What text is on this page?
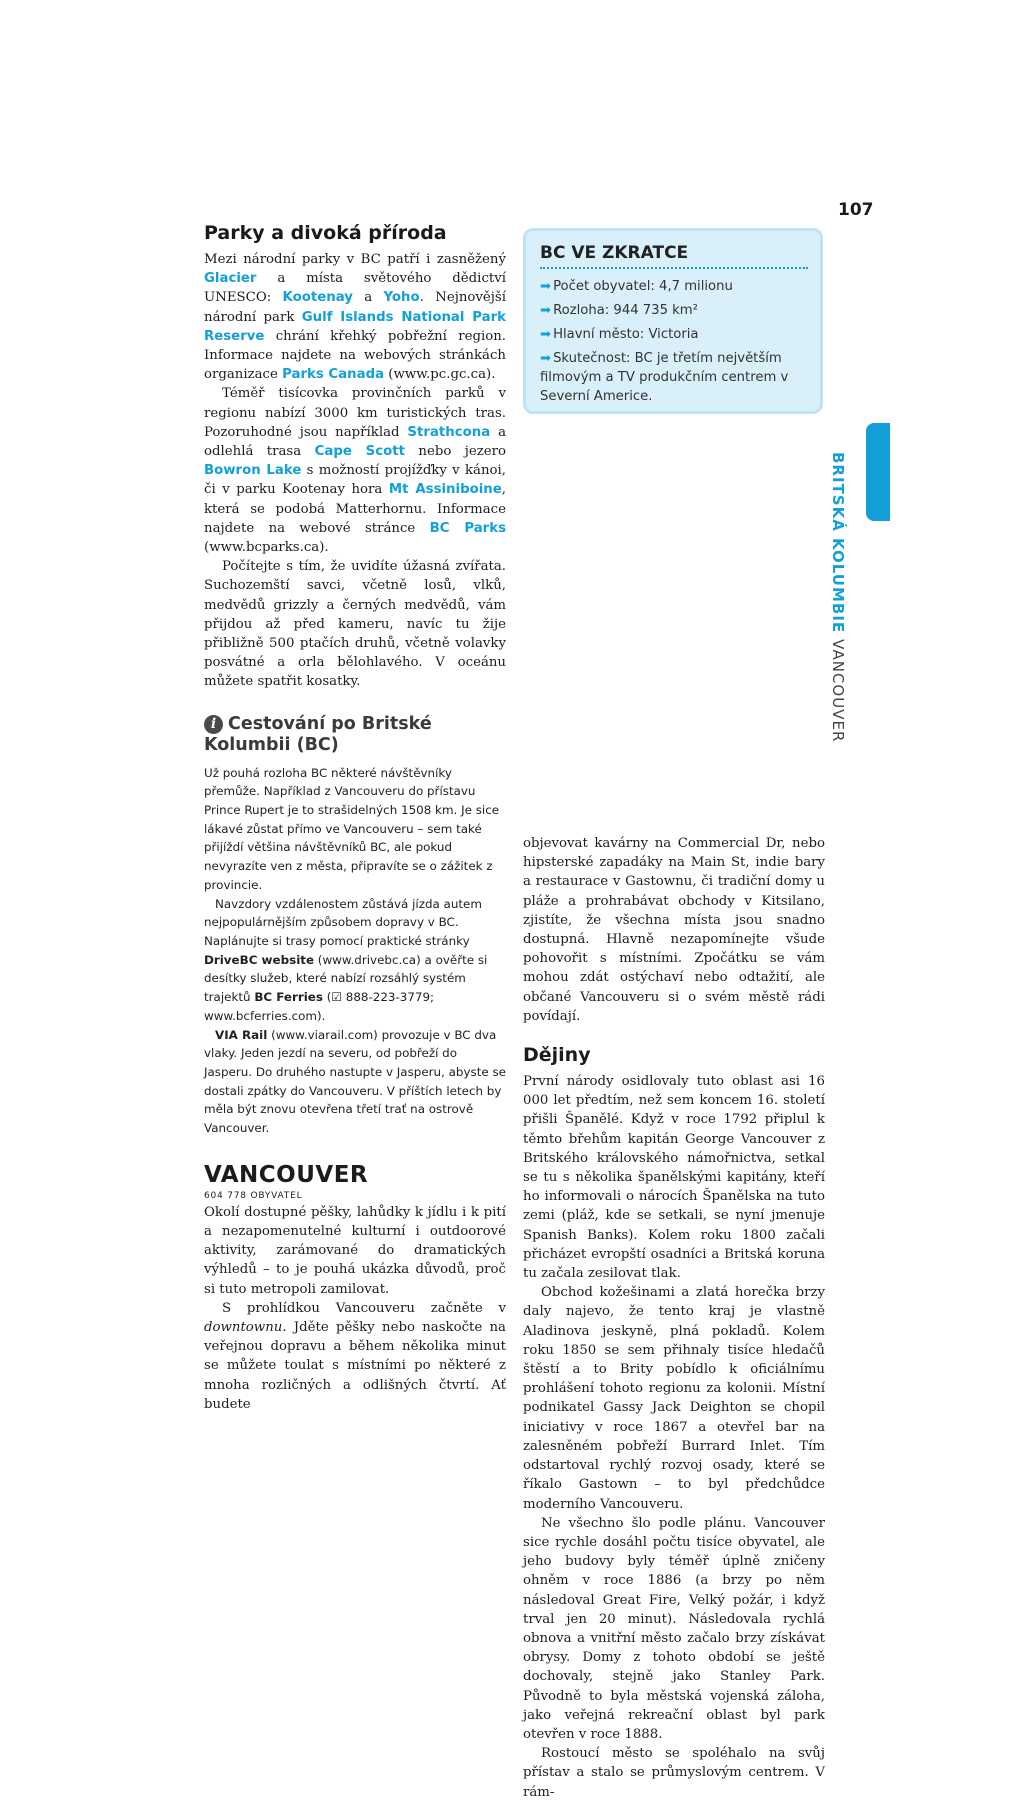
107
Parky a divoká příroda

Mezi národní parky v BC patří i zasněžený Glacier a místa světového dědictví UNESCO: Kootenay a Yoho. Nejnovější národní park Gulf Islands National Park Reserve chrání křehký pobřežní region. Informace najdete na webových stránkách organizace Parks Canada (www.pc.gc.ca).

Téměř tisícovka provinčních parků v regionu nabízí 3000 km turistických tras. Pozoruhodné jsou například Strathcona a odlehlá trasa Cape Scott nebo jezero Bowron Lake s možností projížďky v kánoi, či v parku Kootenay hora Mt Assiniboine, která se podobá Matterhornu. Informace najdete na webové stránce BC Parks (www.bcparks.ca).

Počítejte s tím, že uvidíte úžasná zvířata. Suchozemští savci, včetně losů, vlků, medvědů grizzly a černých medvědů, vám přijdou až před kameru, navíc tu žije přibližně 500 ptačích druhů, včetně volavky posvátné a orla bělohlavého. V oceánu můžete spatřit kosatky.

i Cestování po Britské Kolumbii (BC)

Už pouhá rozloha BC některé návštěvníky přemůže. Například z Vancouveru do přístavu Prince Rupert je to strašidelných 1508 km. Je sice lákavé zůstat přímo ve Vancouveru – sem také přijíždí většina návštěvníků BC, ale pokud nevyrazíte ven z města, připravíte se o zážitek z provincie.

Navzdory vzdálenostem zůstává jízda autem nejpopulárnějším způsobem dopravy v BC. Naplánujte si trasy pomocí praktické stránky DriveBC website (www.drivebc.ca) a ověřte si desítky služeb, které nabízí rozsáhlý systém trajektů BC Ferries (☑ 888-223-3779; www.bcferries.com).

VIA Rail (www.viarail.com) provozuje v BC dva vlaky. Jeden jezdí na severu, od pobřeží do Jasperu. Do druhého nastupte v Jasperu, abyste se dostali zpátky do Vancouveru. V příštích letech by měla být znovu otevřena třetí trať na ostrově Vancouver.

VANCOUVER

604 778 OBYVATEL

Okolí dostupné pěšky, lahůdky k jídlu i k pití a nezapomenutelné kulturní i outdoorové aktivity, zarámované do dramatických výhledů – to je pouhá ukázka důvodů, proč si tuto metropoli zamilovat.

S prohlídkou Vancouveru začněte v downtownu. Jděte pěšky nebo naskočte na veřejnou dopravu a během několika minut se můžete toulat s místními po některé z mnoha rozličných a odlišných čtvrtí. Ať budete

BC VE ZKRATCE

➡ Počet obyvatel: 4,7 milionu

➡ Rozloha: 944 735 km²

➡ Hlavní město: Victoria

➡ Skutečnost: BC je třetím největším filmovým a TV produkčním centrem v Severní Americe.

objevovat kavárny na Commercial Dr, nebo hipsterské zapadáky na Main St, indie bary a restaurace v Gastownu, či tradiční domy u pláže a prohrabávat obchody v Kitsilano, zjistíte, že všechna místa jsou snadno dostupná. Hlavně nezapomínejte všude pohovořit s místními. Zpočátku se vám mohou zdát ostýchaví nebo odtažití, ale občané Vancouveru si o svém městě rádi povídají.

Dějiny

První národy osidlovaly tuto oblast asi 16 000 let předtím, než sem koncem 16. století přišli Španělé. Když v roce 1792 připlul k těmto břehům kapitán George Vancouver z Britského královského námořnictva, setkal se tu s několika španělskými kapitány, kteří ho informovali o nárocích Španělska na tuto zemi (pláž, kde se setkali, se nyní jmenuje Spanish Banks). Kolem roku 1800 začali přicházet evropští osadníci a Britská koruna tu začala zesilovat tlak.

Obchod kožešinami a zlatá horečka brzy daly najevo, že tento kraj je vlastně Aladinova jeskyně, plná pokladů. Kolem roku 1850 se sem přihnaly tisíce hledačů štěstí a to Brity pobídlo k oficiálnímu prohlášení tohoto regionu za kolonii. Místní podnikatel Gassy Jack Deighton se chopil iniciativy v roce 1867 a otevřel bar na zalesněném pobřeží Burrard Inlet. Tím odstartoval rychlý rozvoj osady, které se říkalo Gastown – to byl předchůdce moderního Vancouveru.

Ne všechno šlo podle plánu. Vancouver sice rychle dosáhl počtu tisíce obyvatel, ale jeho budovy byly téměř úplně zničeny ohněm v roce 1886 (a brzy po něm následoval Great Fire, Velký požár, i když trval jen 20 minut). Následovala rychlá obnova a vnitřní město začalo brzy získávat obrysy. Domy z tohoto období se ještě dochovaly, stejně jako Stanley Park. Původně to byla městská vojenská záloha, jako veřejná rekreační oblast byl park otevřen v roce 1888.

Rostoucí město se spoléhalo na svůj přístav a stalo se průmyslovým centrem. V rám-

BRITSKÁ KOLUMBIEVANCOUVER
